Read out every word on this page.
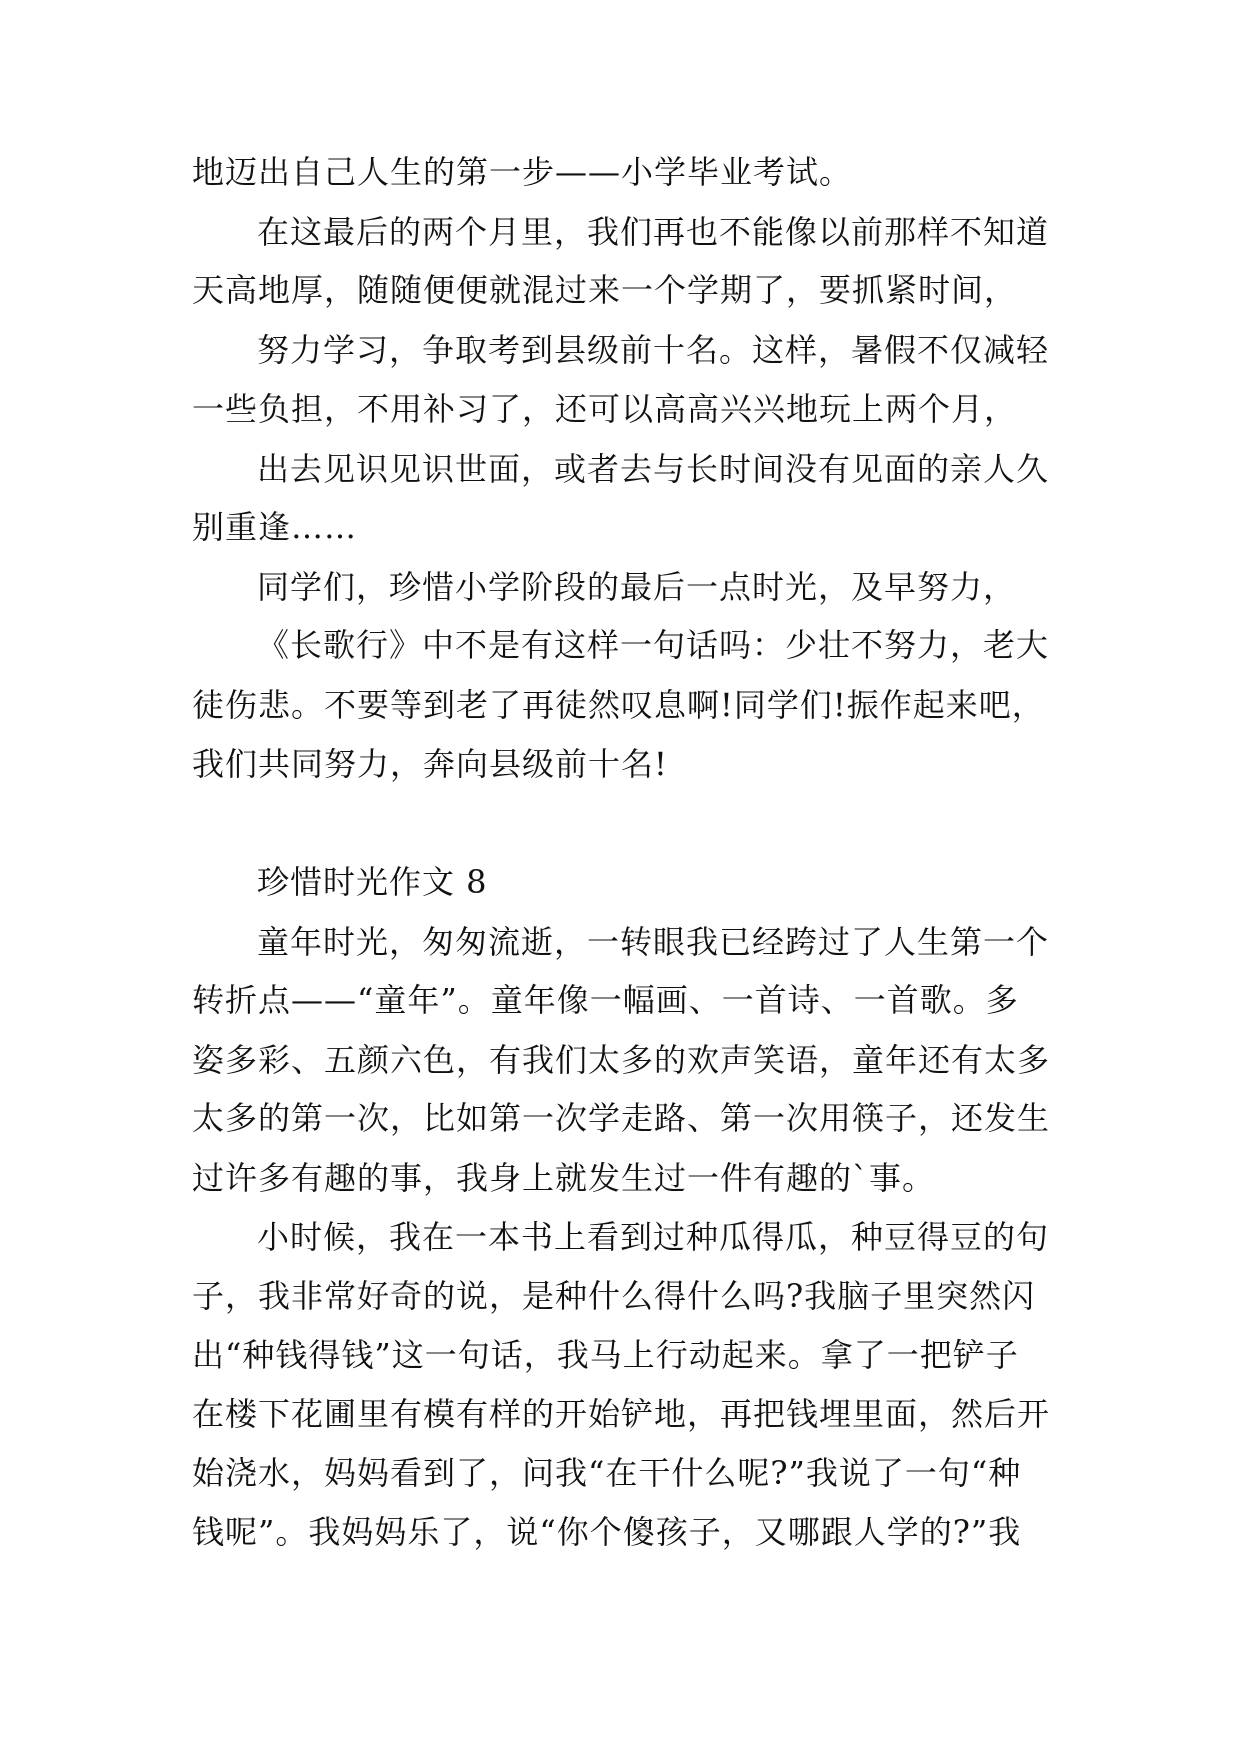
地迈出自己人生的第一步——小学毕业考试。
在这最后的两个月里，我们再也不能像以前那样不知道
天高地厚，随随便便就混过来一个学期了，要抓紧时间，
努力学习，争取考到县级前十名。这样，暑假不仅减轻
一些负担，不用补习了，还可以高高兴兴地玩上两个月，
出去见识见识世面，或者去与长时间没有见面的亲人久
别重逢……
同学们，珍惜小学阶段的最后一点时光，及早努力，
《长歌行》中不是有这样一句话吗：少壮不努力，老大
徒伤悲。不要等到老了再徒然叹息啊!同学们!振作起来吧，
我们共同努力，奔向县级前十名!
珍惜时光作文 8
童年时光，匆匆流逝，一转眼我已经跨过了人生第一个
转折点——“童年”。童年像一幅画、一首诗、一首歌。多
姿多彩、五颜六色，有我们太多的欢声笑语，童年还有太多
太多的第一次，比如第一次学走路、第一次用筷子，还发生
过许多有趣的事，我身上就发生过一件有趣的`事。
小时候，我在一本书上看到过种瓜得瓜，种豆得豆的句
子，我非常好奇的说，是种什么得什么吗?我脑子里突然闪
出“种钱得钱”这一句话，我马上行动起来。拿了一把铲子
在楼下花圃里有模有样的开始铲地，再把钱埋里面，然后开
始浇水，妈妈看到了，问我“在干什么呢?”我说了一句“种
钱呢”。我妈妈乐了，说“你个傻孩子，又哪跟人学的?”我
